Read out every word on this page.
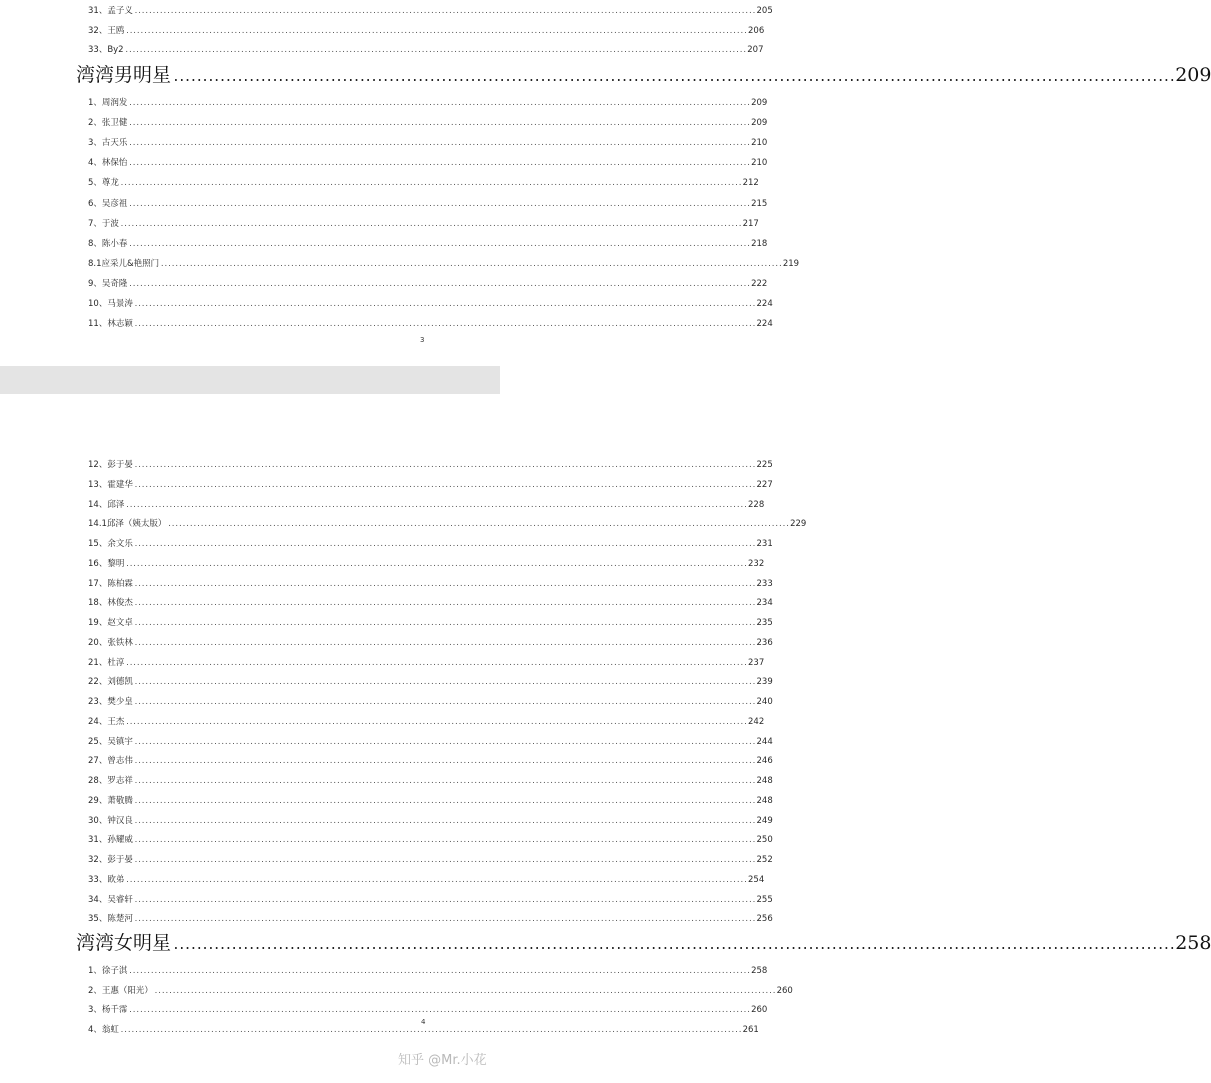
3
4
知乎 @Mr.小花
31、孟子义 ............................................................................................................................................................................ 205
32、王鸥 ............................................................................................................................................................................ 206
33、By2 ............................................................................................................................................................................ 207
湾湾男明星 ............................................................................................................................................................................ 209
1、周润发 ............................................................................................................................................................................ 209
2、张卫健 ............................................................................................................................................................................ 209
3、古天乐 ............................................................................................................................................................................ 210
4、林保怡 ............................................................................................................................................................................ 210
5、尊龙 ............................................................................................................................................................................ 212
6、吴彦祖 ............................................................................................................................................................................ 215
7、于波 ............................................................................................................................................................................ 217
8、陈小春 ............................................................................................................................................................................ 218
8.1应采儿&艳照门 ............................................................................................................................................................................ 219
9、吴奇隆 ............................................................................................................................................................................ 222
10、马景涛 ............................................................................................................................................................................ 224
11、林志颖 ............................................................................................................................................................................ 224
12、彭于晏 ............................................................................................................................................................................ 225
13、霍建华 ............................................................................................................................................................................ 227
14、邱泽 ............................................................................................................................................................................ 228
14.1邱泽（姨太版） ............................................................................................................................................................................ 229
15、余文乐 ............................................................................................................................................................................ 231
16、黎明 ............................................................................................................................................................................ 232
17、陈柏霖 ............................................................................................................................................................................ 233
18、林俊杰 ............................................................................................................................................................................ 234
19、赵文卓 ............................................................................................................................................................................ 235
20、张铁林 ............................................................................................................................................................................ 236
21、杜淳 ............................................................................................................................................................................ 237
22、刘德凯 ............................................................................................................................................................................ 239
23、樊少皇 ............................................................................................................................................................................ 240
24、王杰 ............................................................................................................................................................................ 242
25、吴镇宇 ............................................................................................................................................................................ 244
27、曾志伟 ............................................................................................................................................................................ 246
28、罗志祥 ............................................................................................................................................................................ 248
29、萧敬腾 ............................................................................................................................................................................ 248
30、钟汉良 ............................................................................................................................................................................ 249
31、孙耀威 ............................................................................................................................................................................ 250
32、彭于晏 ............................................................................................................................................................................ 252
33、欧弟 ............................................................................................................................................................................ 254
34、吴睿轩 ............................................................................................................................................................................ 255
35、陈楚河 ............................................................................................................................................................................ 256
湾湾女明星 ............................................................................................................................................................................ 258
1、徐子淇 ............................................................................................................................................................................ 258
2、王惠（阳光） ............................................................................................................................................................................ 260
3、杨千霈 ............................................................................................................................................................................ 260
4、翁虹 ............................................................................................................................................................................ 261
